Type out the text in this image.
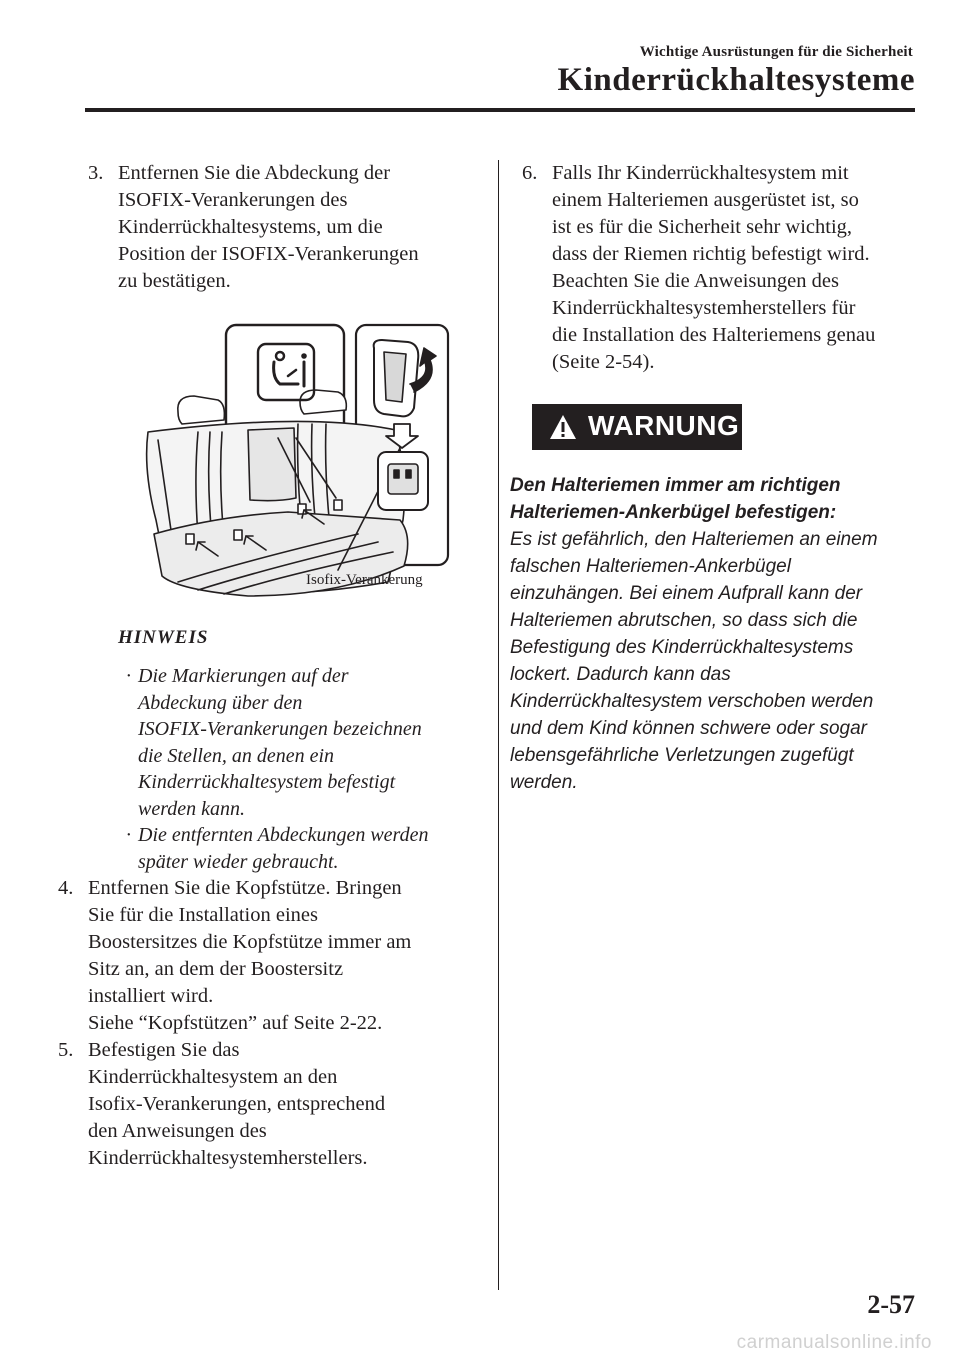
Wichtige Ausrüstungen für die Sicherheit
Kinderrückhaltesysteme
3. Entfernen Sie die Abdeckung der
ISOFIX-Verankerungen des
Kinderrückhaltesystems, um die
Position der ISOFIX-Verankerungen
zu bestätigen.
Isofix-Verankerung
HINWEIS
· Die Markierungen auf der
Abdeckung über den
ISOFIX-Verankerungen bezeichnen
die Stellen, an denen ein
Kinderrückhaltesystem befestigt
werden kann.
· Die entfernten Abdeckungen werden
später wieder gebraucht.
4. Entfernen Sie die Kopfstütze. Bringen
Sie für die Installation eines
Boostersitzes die Kopfstütze immer am
Sitz an, an dem der Boostersitz
installiert wird.
Siehe “Kopfstützen” auf Seite 2-22.
5. Befestigen Sie das
Kinderrückhaltesystem an den
Isofix-Verankerungen, entsprechend
den Anweisungen des
Kinderrückhaltesystemherstellers.
6. Falls Ihr Kinderrückhaltesystem mit
einem Halteriemen ausgerüstet ist, so
ist es für die Sicherheit sehr wichtig,
dass der Riemen richtig befestigt wird.
Beachten Sie die Anweisungen des
Kinderrückhaltesystemherstellers für
die Installation des Halteriemens genau
(Seite 2-54).
WARNUNG
Den Halteriemen immer am richtigen
Halteriemen-Ankerbügel befestigen:
Es ist gefährlich, den Halteriemen an einem
falschen Halteriemen-Ankerbügel
einzuhängen. Bei einem Aufprall kann der
Halteriemen abrutschen, so dass sich die
Befestigung des Kinderrückhaltesystems
lockert. Dadurch kann das
Kinderrückhaltesystem verschoben werden
und dem Kind können schwere oder sogar
lebensgefährliche Verletzungen zugefügt
werden.
2-57
carmanualsonline.info
